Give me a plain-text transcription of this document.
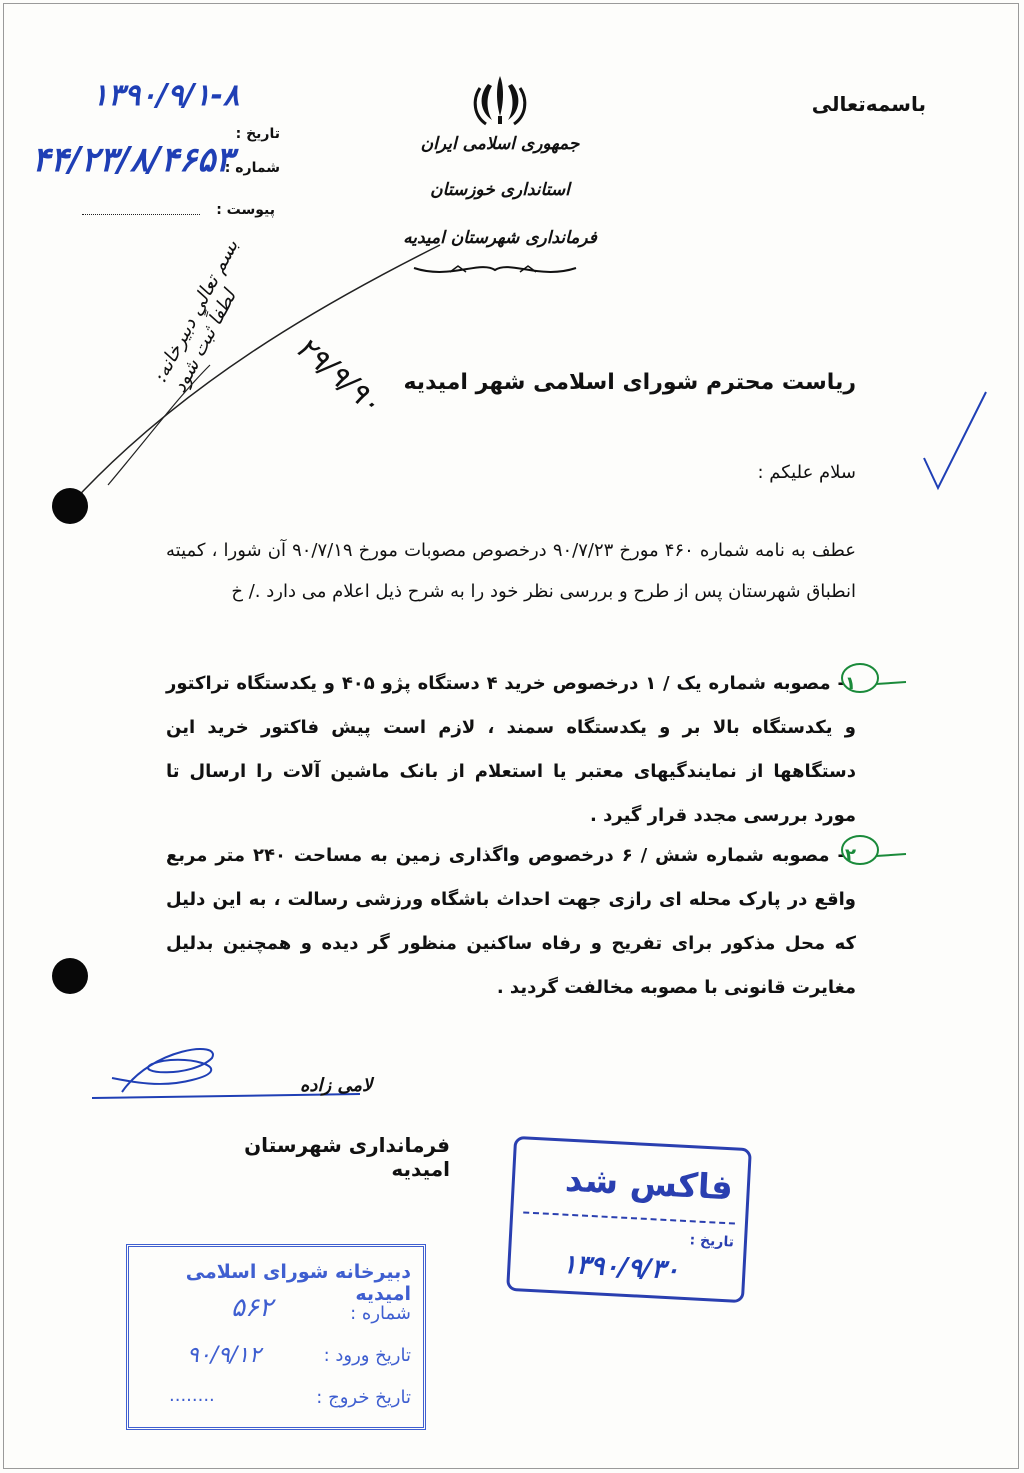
باسمه‌تعالی
جمهوری اسلامی ایران
استانداری خوزستان
فرمانداری شهرستان امیدیه
۱۳۹۰/۹/۱-۸
تاریخ :
شماره :
۴۴/۲۳/۸/۴۶۵۳
پیوست :
بسم تعالی دبیرخانه: لطفاً ثبت شود	۲۹/۹/۹۰ ریاست محترم شورای اسلامی شهر امیدیه
سلام علیکم :
عطف به نامه شماره ۴۶۰ مورخ ۹۰/۷/۲۳ درخصوص مصوبات مورخ ۹۰/۷/۱۹ آن شورا ، کمیته انطباق شهرستان پس از طرح و بررسی نظر خود را به شرح ذیل اعلام می دارد ./ خ
۱- مصوبه شماره یک / ۱ درخصوص خرید ۴ دستگاه پژو ۴۰۵ و یکدستگاه تراکتور و یکدستگاه بالا بر و یکدستگاه سمند ، لازم است پیش فاکتور خرید این دستگاهها از نمایندگیهای معتبر یا استعلام از بانک ماشین آلات را ارسال تا مورد بررسی مجدد قرار گیرد .
۲- مصوبه شماره شش / ۶ درخصوص واگذاری زمین به مساحت ۲۴۰ متر مربع واقع در پارک محله ای رازی جهت احداث باشگاه ورزشی رسالت ، به این دلیل که محل مذکور برای تفریح و رفاه ساکنین منظور گر دیده و همچنین بدلیل مغایرت قانونی با مصوبه مخالفت گردید .
لامی زاده
فرمانداری شهرستان امیدیه	فاکس شد
تاریخ :
۱۳۹۰/۹/۳۰
دبیرخانه شورای اسلامی امیدیه
شماره :
۵۶۲
تاریخ ورود :
۹۰/۹/۱۲
تاریخ خروج :
........
